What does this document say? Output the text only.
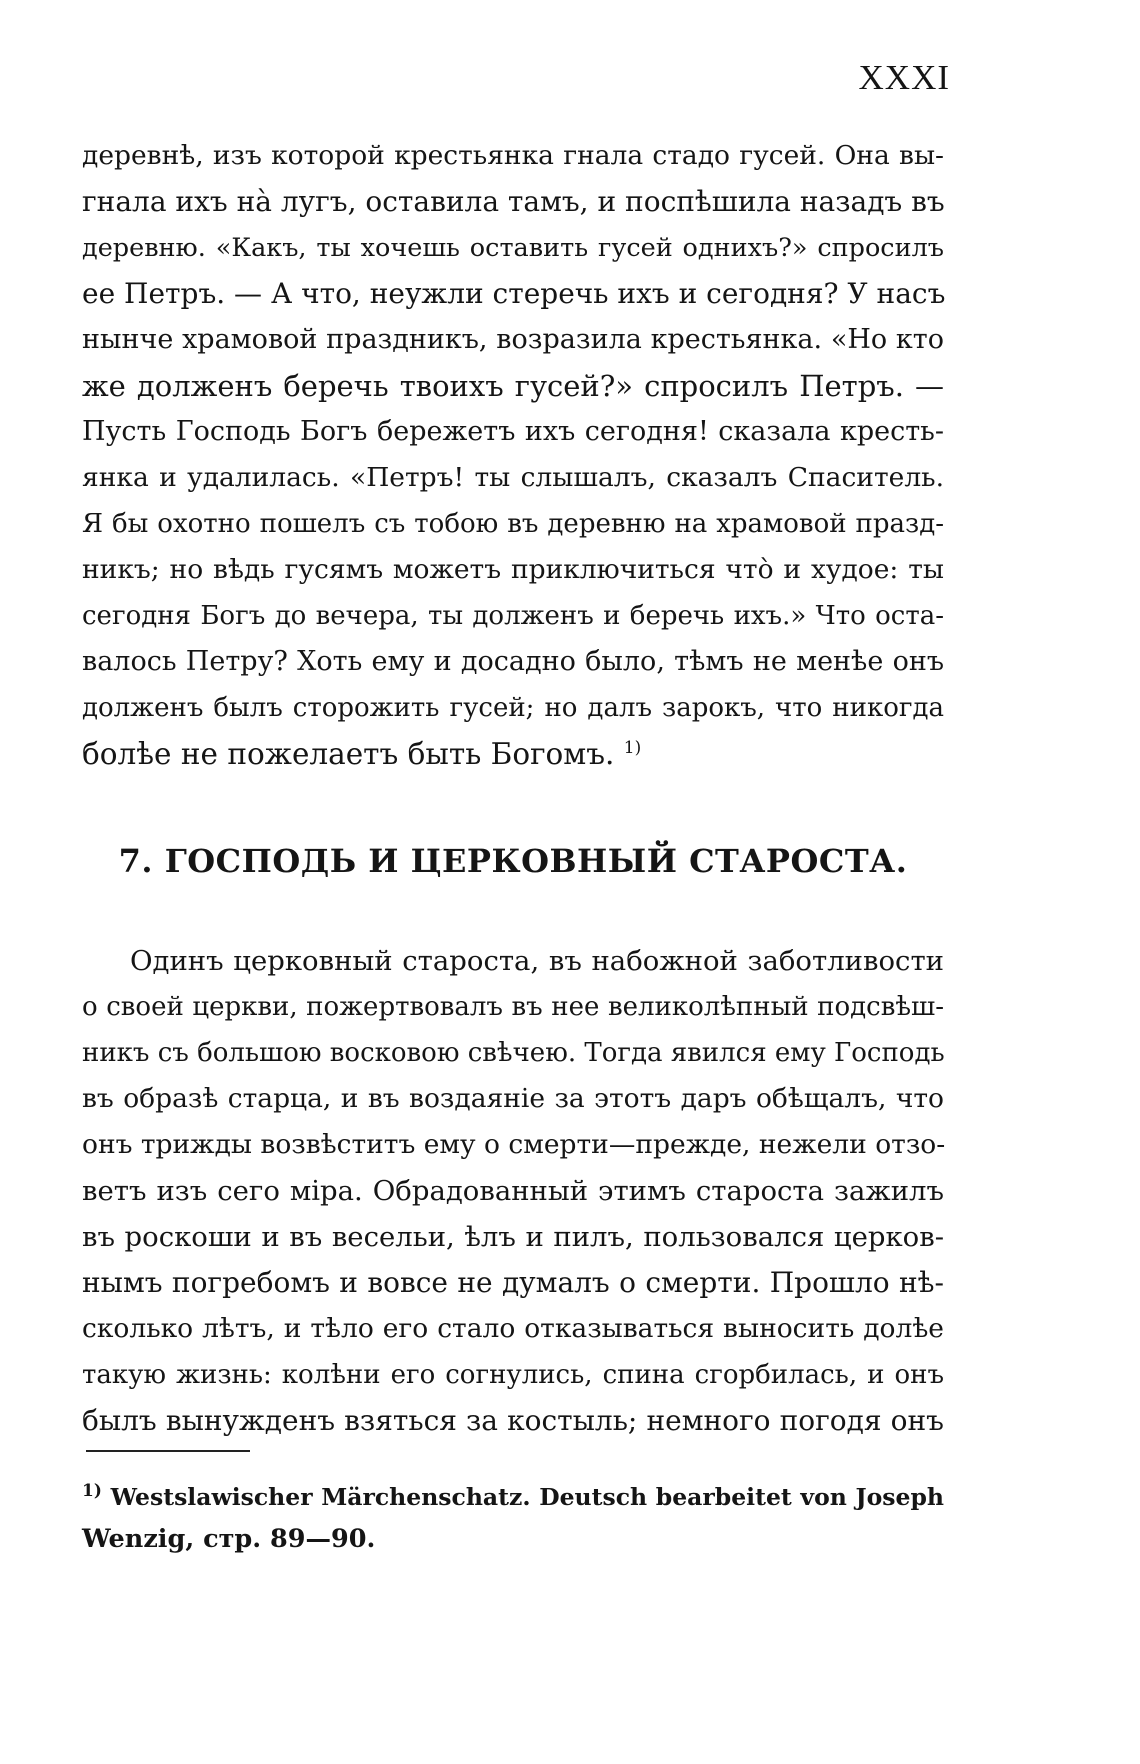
XXXI
деревнѣ, изъ которой крестьянка гнала стадо гусей. Она вы-
гнала ихъ на̀ лугъ, оставила тамъ, и поспѣшила назадъ въ
деревню. «Какъ, ты хочешь оставить гусей однихъ?» спросилъ
ее Петръ. — А что, неужли стеречь ихъ и сегодня? У насъ
нынче храмовой праздникъ, возразила крестьянка. «Но кто
же долженъ беречь твоихъ гусей?» спросилъ Петръ. —
Пусть Господь Богъ бережетъ ихъ сегодня! сказала кресть-
янка и удалилась. «Петръ! ты слышалъ, сказалъ Спаситель.
Я бы охотно пошелъ съ тобою въ деревню на храмовой празд-
никъ; но вѣдь гусямъ можетъ приключиться что̀ и худое: ты
сегодня Богъ до вечера, ты долженъ и беречь ихъ.» Что оста-
валось Петру? Хоть ему и досадно было, тѣмъ не менѣе онъ
долженъ былъ сторожить гусей; но далъ зарокъ, что никогда
болѣе не пожелаетъ быть Богомъ. $^{1)}$
7. ГОСПОДЬ И ЦЕРКОВНЫЙ СТАРОСТА.
Одинъ церковный староста, въ набожной заботливости
о своей церкви, пожертвовалъ въ нее великолѣпный подсвѣш-
никъ съ большою восковою свѣчею. Тогда явился ему Господь
въ образѣ старца, и въ воздаяніе за этотъ даръ обѣщалъ, что
онъ трижды возвѣститъ ему о смерти—прежде, нежели отзо-
ветъ изъ сего міра. Обрадованный этимъ староста зажилъ
въ роскоши и въ весельи, ѣлъ и пилъ, пользовался церков-
нымъ погребомъ и вовсе не думалъ о смерти. Прошло нѣ-
сколько лѣтъ, и тѣло его стало отказываться выносить долѣе
такую жизнь: колѣни его согнулись, спина сгорбилась, и онъ
былъ вынужденъ взяться за костыль; немного погодя онъ
$^{1)}$ Westslawischer Märchenschatz. Deutsch bearbeitet von Joseph
Wenzig, стр. 89—90.
